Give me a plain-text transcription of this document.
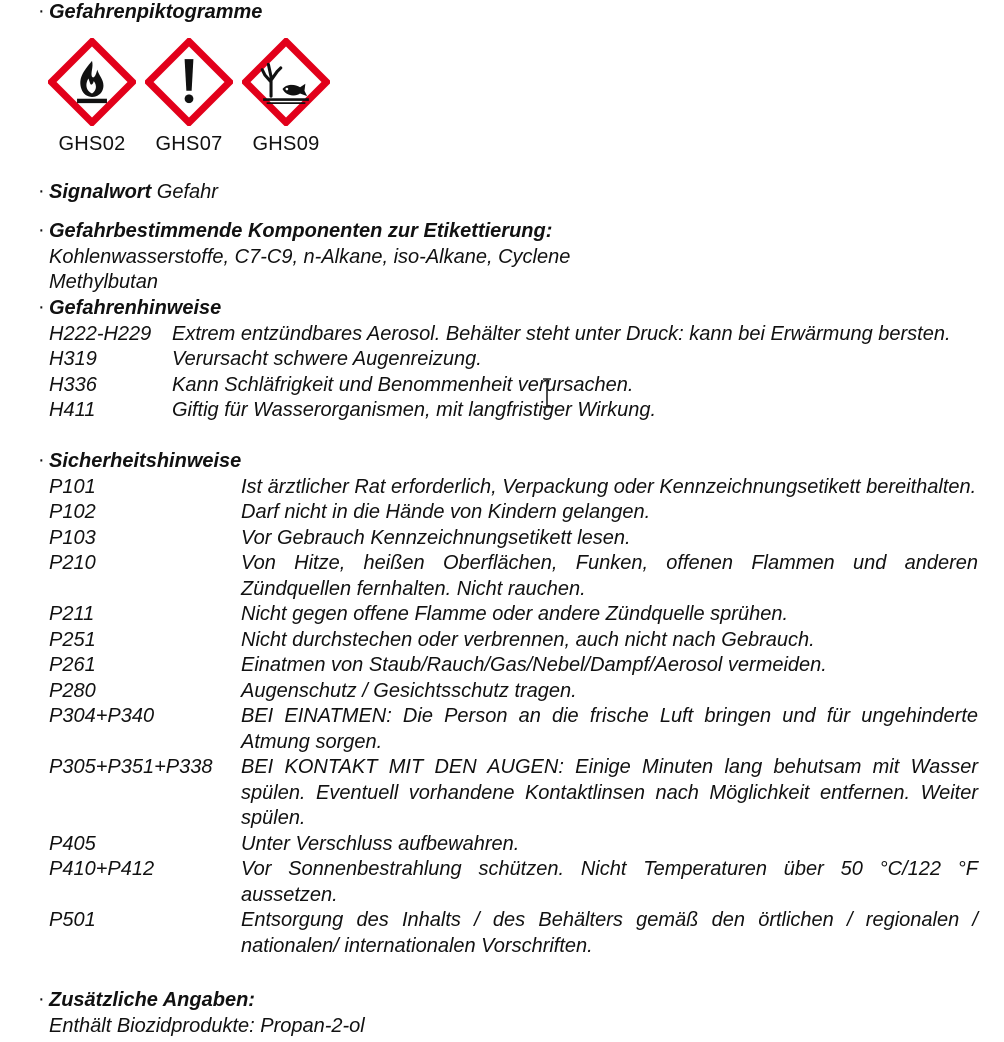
· Gefahrenpiktogramme
GHS02 GHS07 GHS09
· Signalwort Gefahr
· Gefahrbestimmende Komponenten zur Etikettierung:
Kohlenwasserstoffe, C7-C9, n-Alkane, iso-Alkane, Cyclene
Methylbutan
· Gefahrenhinweise
H222-H229	Extrem entzündbares Aerosol. Behälter steht unter Druck: kann bei Erwärmung bersten.
H319	Verursacht schwere Augenreizung.
H336	Kann Schläfrigkeit und Benommenheit verursachen.
H411	Giftig für Wasserorganismen, mit langfristiger Wirkung.
· Sicherheitshinweise
P101	Ist ärztlicher Rat erforderlich, Verpackung oder Kennzeichnungsetikett bereithalten.
P102	Darf nicht in die Hände von Kindern gelangen.
P103	Vor Gebrauch Kennzeichnungsetikett lesen.
P210	Von Hitze, heißen Oberflächen, Funken, offenen Flammen und anderen Zündquellen fernhalten. Nicht rauchen.
P211	Nicht gegen offene Flamme oder andere Zündquelle sprühen.
P251	Nicht durchstechen oder verbrennen, auch nicht nach Gebrauch.
P261	Einatmen von Staub/Rauch/Gas/Nebel/Dampf/Aerosol vermeiden.
P280	Augenschutz / Gesichtsschutz tragen.
P304+P340	BEI EINATMEN: Die Person an die frische Luft bringen und für ungehinderte Atmung sorgen.
P305+P351+P338	BEI KONTAKT MIT DEN AUGEN: Einige Minuten lang behutsam mit Wasser spülen. Eventuell vorhandene Kontaktlinsen nach Möglichkeit entfernen. Weiter spülen.
P405	Unter Verschluss aufbewahren.
P410+P412	Vor Sonnenbestrahlung schützen. Nicht Temperaturen über 50 °C/122 °F aussetzen.
P501	Entsorgung des Inhalts / des Behälters gemäß den örtlichen / regionalen / nationalen/ internationalen Vorschriften.
· Zusätzliche Angaben:
Enthält Biozidprodukte: Propan-2-ol
